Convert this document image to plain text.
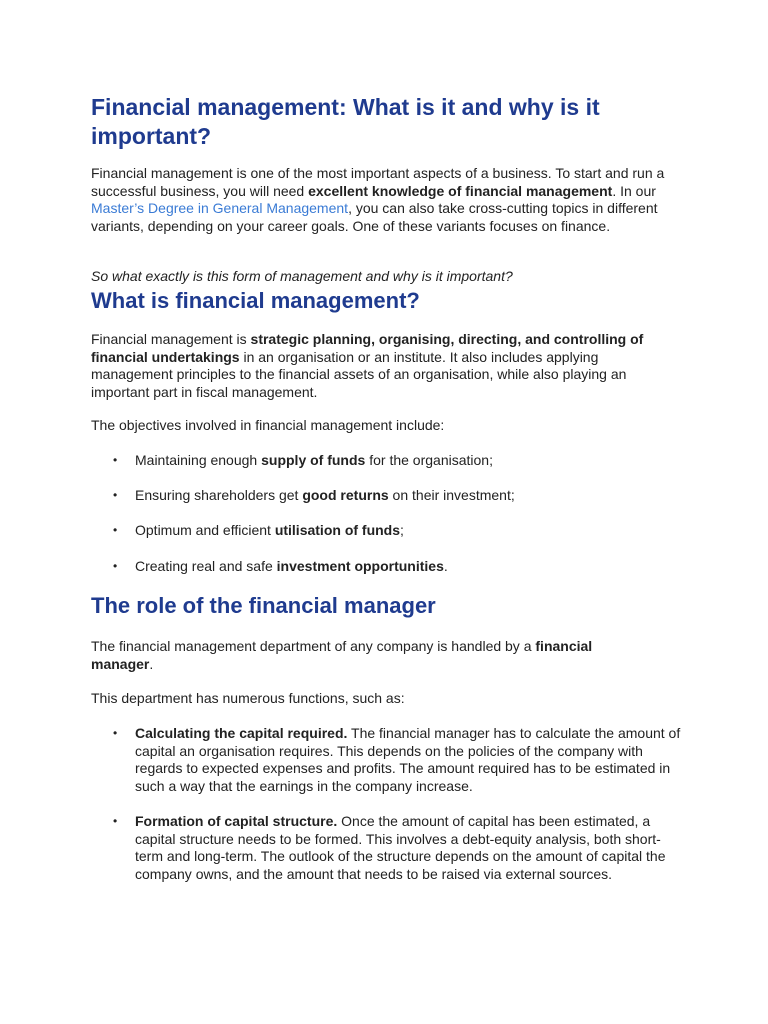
Financial management: What is it and why is it important?

Financial management is one of the most important aspects of a business. To start and run a successful business, you will need excellent knowledge of financial management. In our Master’s Degree in General Management, you can also take cross-cutting topics in different variants, depending on your career goals. One of these variants focuses on finance.

So what exactly is this form of management and why is it important?

What is financial management?

Financial management is strategic planning, organising, directing, and controlling of financial undertakings in an organisation or an institute. It also includes applying management principles to the financial assets of an organisation, while also playing an important part in fiscal management.

The objectives involved in financial management include:

• Maintaining enough supply of funds for the organisation;
• Ensuring shareholders get good returns on their investment;
• Optimum and efficient utilisation of funds;
• Creating real and safe investment opportunities.
The role of the financial manager

The financial management department of any company is handled by a financial manager.

This department has numerous functions, such as:

• Calculating the capital required. The financial manager has to calculate the amount of capital an organisation requires. This depends on the policies of the company with regards to expected expenses and profits. The amount required has to be estimated in such a way that the earnings in the company increase.
• Formation of capital structure. Once the amount of capital has been estimated, a capital structure needs to be formed. This involves a debt-equity analysis, both short-term and long-term. The outlook of the structure depends on the amount of capital the company owns, and the amount that needs to be raised via external sources.
